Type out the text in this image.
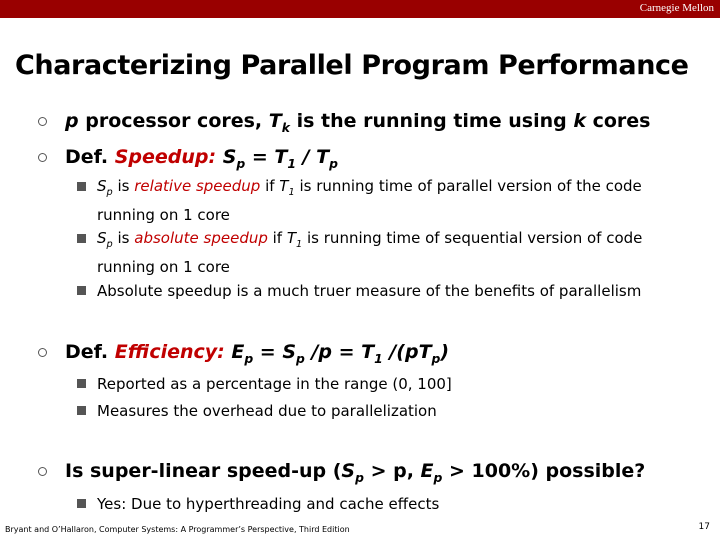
Carnegie Mellon
Characterizing Parallel Program Performance
p processor cores, $T_k$ is the running time using k cores
Def. Speedup: $S_p = T_1 / T_p$
$S_p$ is relative speedup if $T_1$ is running time of parallel version of the code running on 1 core
$S_p$ is absolute speedup if $T_1$ is running time of sequential version of code running on 1 core
Absolute speedup is a much truer measure of the benefits of parallelism
Def. Efficiency: $E_p = S_p$ $/p = T_1$ $/(pT_p)$
Reported as a percentage in the range (0, 100]
Measures the overhead due to parallelization
Is super-linear speed-up ($S_p > p$, $E_p > 100\%$) possible?
Yes: Due to hyperthreading and cache effects
Bryant and O’Hallaron, Computer Systems: A Programmer’s Perspective, Third Edition	17
